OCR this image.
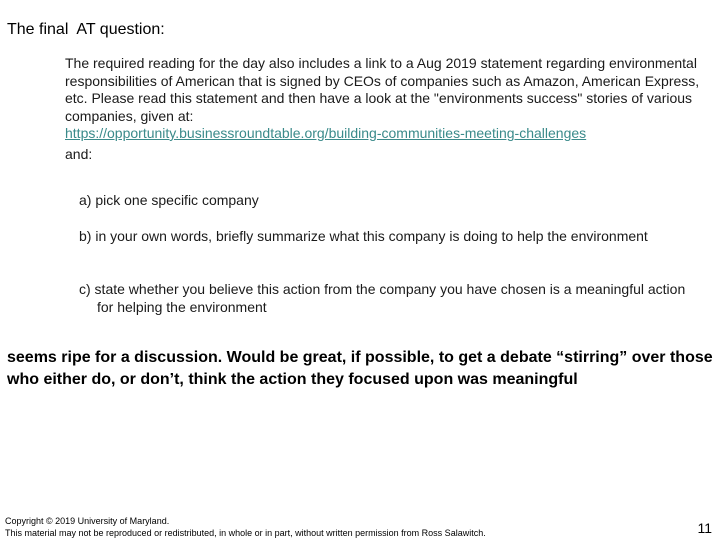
The final  AT question:
The required reading for the day also includes a link to a Aug 2019 statement regarding environmental responsibilities of American that is signed by CEOs of companies such as Amazon, American Express, etc. Please read this statement and then have a look at the "environments success" stories of various companies, given at:
https://opportunity.businessroundtable.org/building-communities-meeting-challenges
and:
a) pick one specific company
b) in your own words, briefly summarize what this company is doing to help the environment
c) state whether you believe this action from the company you have chosen is a meaningful action for helping the environment
seems ripe for a discussion. Would be great, if possible, to get a debate “stirring” over those who either do, or don’t, think the action they focused upon was meaningful
Copyright © 2019 University of Maryland.
This material may not be reproduced or redistributed, in whole or in part, without written permission from Ross Salawitch.	11
